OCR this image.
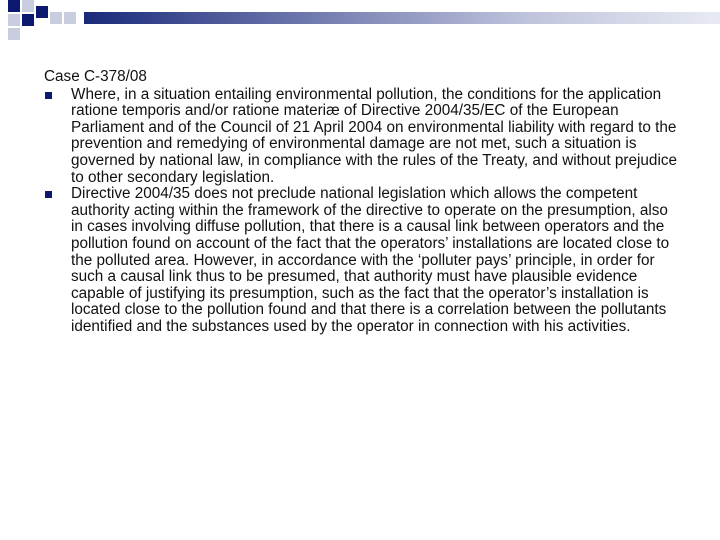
Case C‑378/08
Where, in a situation entailing environmental pollution, the conditions for the application ratione temporis and/or ratione materiæ of Directive 2004/35/EC of the European Parliament and of the Council of 21 April 2004 on environmental liability with regard to the prevention and remedying of environmental damage are not met, such a situation is governed by national law, in compliance with the rules of the Treaty, and without prejudice to other secondary legislation.
Directive 2004/35 does not preclude national legislation which allows the competent authority acting within the framework of the directive to operate on the presumption, also in cases involving diffuse pollution, that there is a causal link between operators and the pollution found on account of the fact that the operators’ installations are located close to the polluted area. However, in accordance with the ‘polluter pays’ principle, in order for such a causal link thus to be presumed, that authority must have plausible evidence capable of justifying its presumption, such as the fact that the operator’s installation is located close to the pollution found and that there is a correlation between the pollutants identified and the substances used by the operator in connection with his activities.
